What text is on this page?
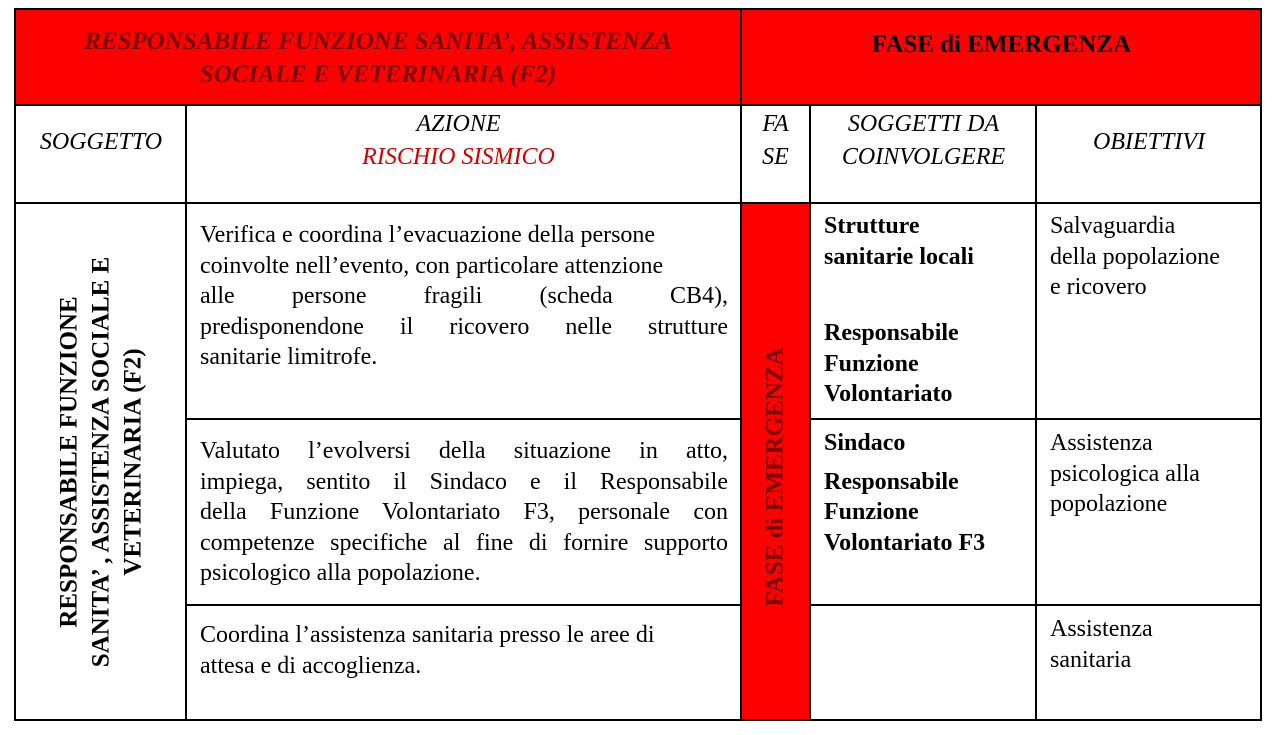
RESPONSABILE FUNZIONE SANITA’, ASSISTENZA
SOCIALE E VETERINARIA (F2)
FASE di EMERGENZA
SOGGETTO
AZIONE
RISCHIO SISMICO
FA
SE
SOGGETTI DA
COINVOLGERE
OBIETTIVI
RESPONSABILE FUNZIONE SANITA’ , ASSISTENZA SOCIALE E VETERINARIA (F2)	FASE di EMERGENZA
Verifica e coordina l’evacuazione della persone
coinvolte nell’evento, con particolare attenzione
alle persone fragili (scheda CB4),
predisponendone il ricovero nelle strutture
sanitarie limitrofe.
Strutture
sanitarie locali
Responsabile
Funzione
Volontariato
Salvaguardia
della popolazione
e ricovero
Valutato l’evolversi della situazione in atto,
impiega, sentito il Sindaco e il Responsabile
della Funzione Volontariato F3, personale con
competenze specifiche al fine di fornire supporto
psicologico alla popolazione.
Sindaco
Responsabile
Funzione
Volontariato F3
Assistenza
psicologica alla
popolazione
Coordina l’assistenza sanitaria presso le aree di
attesa e di accoglienza.
Assistenza
sanitaria
